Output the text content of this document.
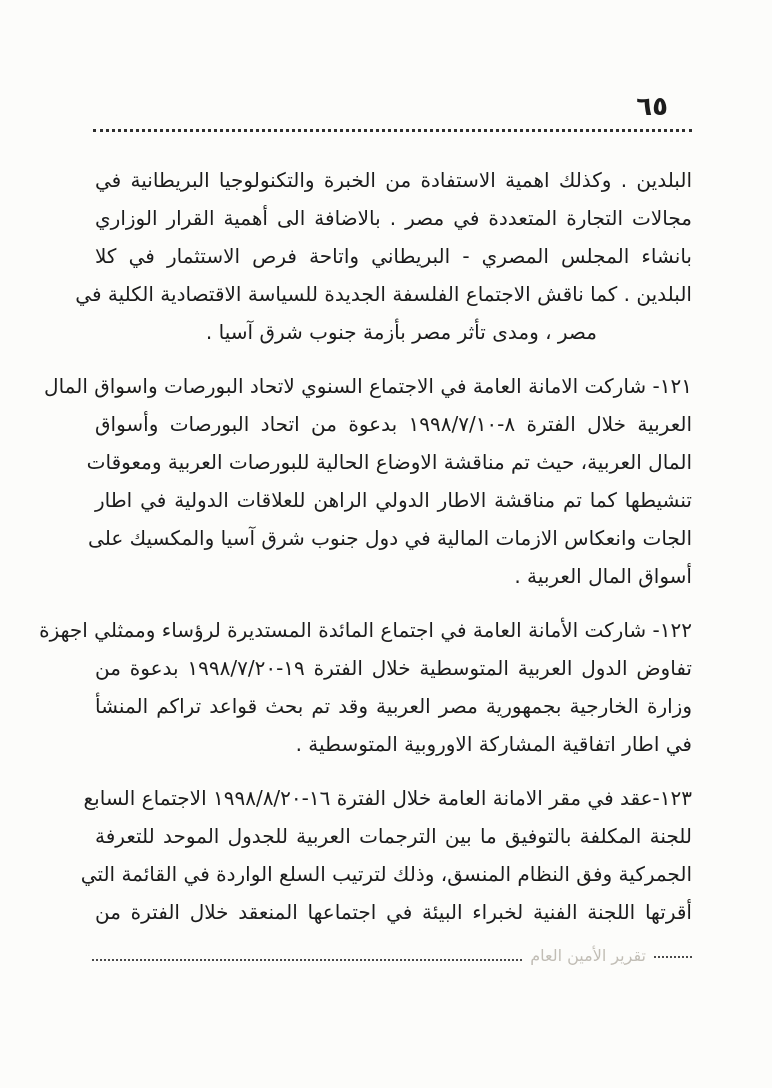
٦٥
البلدين . وكذلك اهمية الاستفادة من الخبرة والتكنولوجيا البريطانية في
مجالات التجارة المتعددة في مصر . بالاضافة الى أهمية القرار الوزاري
بانشاء المجلس المصري - البريطاني واتاحة فرص الاستثمار في كلا
البلدين . كما ناقش الاجتماع الفلسفة الجديدة للسياسة الاقتصادية الكلية في
مصر ، ومدى تأثر مصر بأزمة جنوب شرق آسيا .
١٢١- شاركت الامانة العامة في الاجتماع السنوي لاتحاد البورصات واسواق المال
العربية خلال الفترة ٨-١٩٩٨/٧/١٠ بدعوة من اتحاد البورصات وأسواق
المال العربية، حيث تم مناقشة الاوضاع الحالية للبورصات العربية ومعوقات
تنشيطها كما تم مناقشة الاطار الدولي الراهن للعلاقات الدولية في اطار
الجات وانعكاس الازمات المالية في دول جنوب شرق آسيا والمكسيك على
أسواق المال العربية .
١٢٢- شاركت الأمانة العامة في اجتماع المائدة المستديرة لرؤساء وممثلي اجهزة
تفاوض الدول العربية المتوسطية خلال الفترة ١٩-١٩٩٨/٧/٢٠ بدعوة من
وزارة الخارجية بجمهورية مصر العربية وقد تم بحث قواعد تراكم المنشأ
في اطار اتفاقية المشاركة الاوروبية المتوسطية .
١٢٣-عقد في مقر الامانة العامة خلال الفترة ١٦-١٩٩٨/٨/٢٠ الاجتماع السابع
للجنة المكلفة بالتوفيق ما بين الترجمات العربية للجدول الموحد للتعرفة
الجمركية وفق النظام المنسق، وذلك لترتيب السلع الواردة في القائمة التي
أقرتها اللجنة الفنية لخبراء البيئة في اجتماعها المنعقد خلال الفترة من
تقرير الأمين العام
